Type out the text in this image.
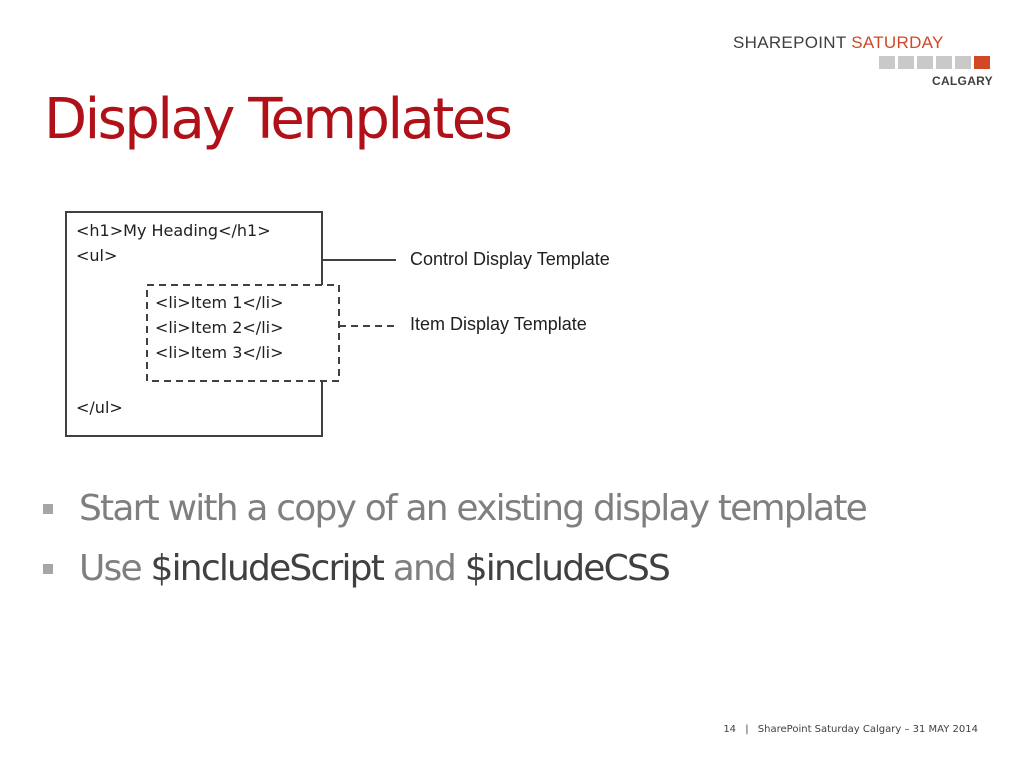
SHAREPOINT SATURDAY
CALGARY
Display Templates
<h1>My Heading</h1>
<ul>
<li>Item 1</li>
<li>Item 2</li>
<li>Item 3</li>
</ul>
Control Display Template
Item Display Template
Start with a copy of an existing display template
Use $includeScript and $includeCSS
14 | SharePoint Saturday Calgary – 31 MAY 2014
